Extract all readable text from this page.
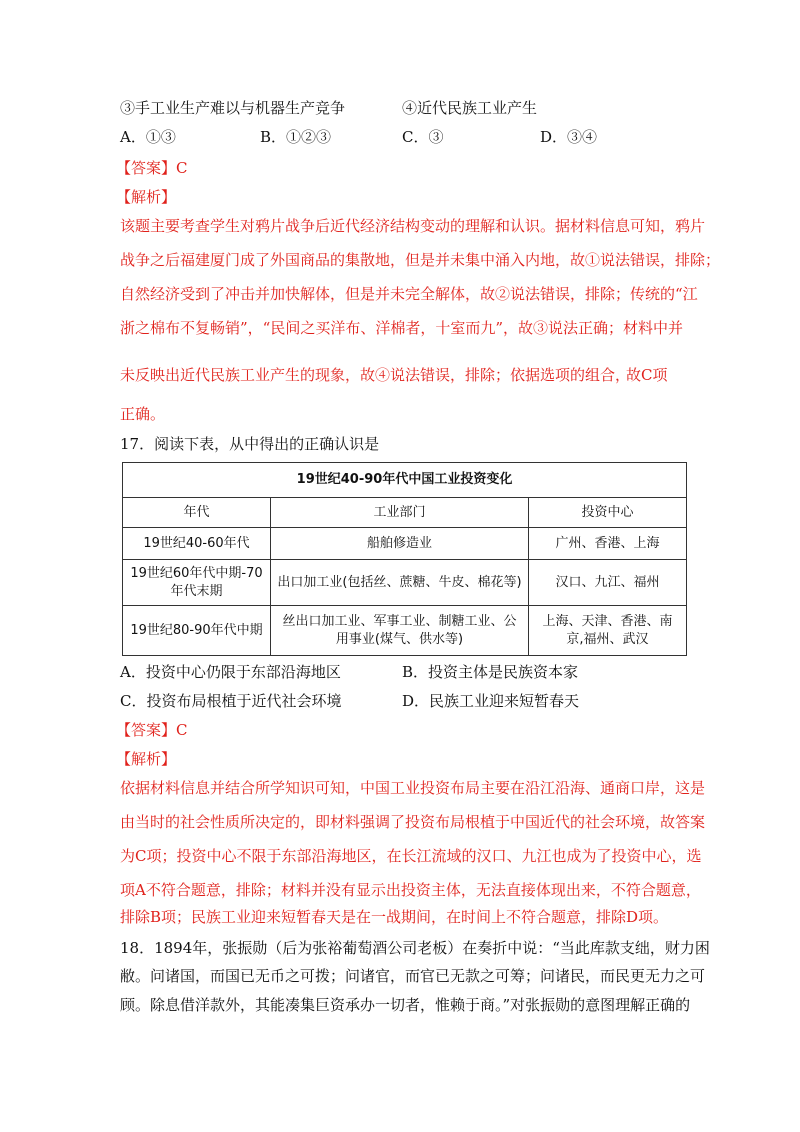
③手工业生产难以与机器生产竞争	④近代民族工业产生
A．①③	B．①②③	C．③	D．③④
【答案】C
【解析】
该题主要考查学生对鸦片战争后近代经济结构变动的理解和认识。据材料信息可知，鸦片
战争之后福建厦门成了外国商品的集散地，但是并未集中涌入内地，故①说法错误，排除；
自然经济受到了冲击并加快解体，但是并未完全解体，故②说法错误，排除；传统的“江
浙之棉布不复畅销”，“民间之买洋布、洋棉者，十室而九”，故③说法正确；材料中并
未反映出近代民族工业产生的现象，故④说法错误，排除；依据选项的组合，
故C项
正确。
17．阅读下表，从中得出的正确认识是
19世纪40-90年代中国工业投资变化		
年代	工业部门	投资中心
19世纪40-60年代	船舶修造业	广州、香港、上海
19世纪60年代中期-70年代末期	出口加工业(包括丝、蔗糖、牛皮、棉花等)	汉口、九江、福州
19世纪80-90年代中期	丝出口加工业、军事工业、制糖工业、公用事业(煤气、供水等)	上海、天津、香港、南京,福州、武汉
A．投资中心仍限于东部沿海地区	B．投资主体是民族资本家
C．投资布局根植于近代社会环境	D．民族工业迎来短暂春天
【答案】C
【解析】
依据材料信息并结合所学知识可知，中国工业投资布局主要在沿江沿海、通商口岸，这是
由当时的社会性质所决定的，即材料强调了投资布局根植于中国近代的社会环境，故答案
为C项；投资中心不限于东部沿海地区，在长江流域的汉口、九江也成为了投资中心，选
项A不符合题意，排除；材料并没有显示出投资主体，无法直接体现出来，不符合题意，
排除B项；民族工业迎来短暂春天是在一战期间，在时间上不符合题意，排除D项。
18．1894年，张振勋（后为张裕葡萄酒公司老板）在奏折中说：“当此库款支绌，财力困
敝。问诸国，而国已无币之可拨；问诸官，而官已无款之可筹；问诸民，而民更无力之可
顾。除息借洋款外，其能凑集巨资承办一切者，惟赖于商。”对张振勋的意图理解正确的
